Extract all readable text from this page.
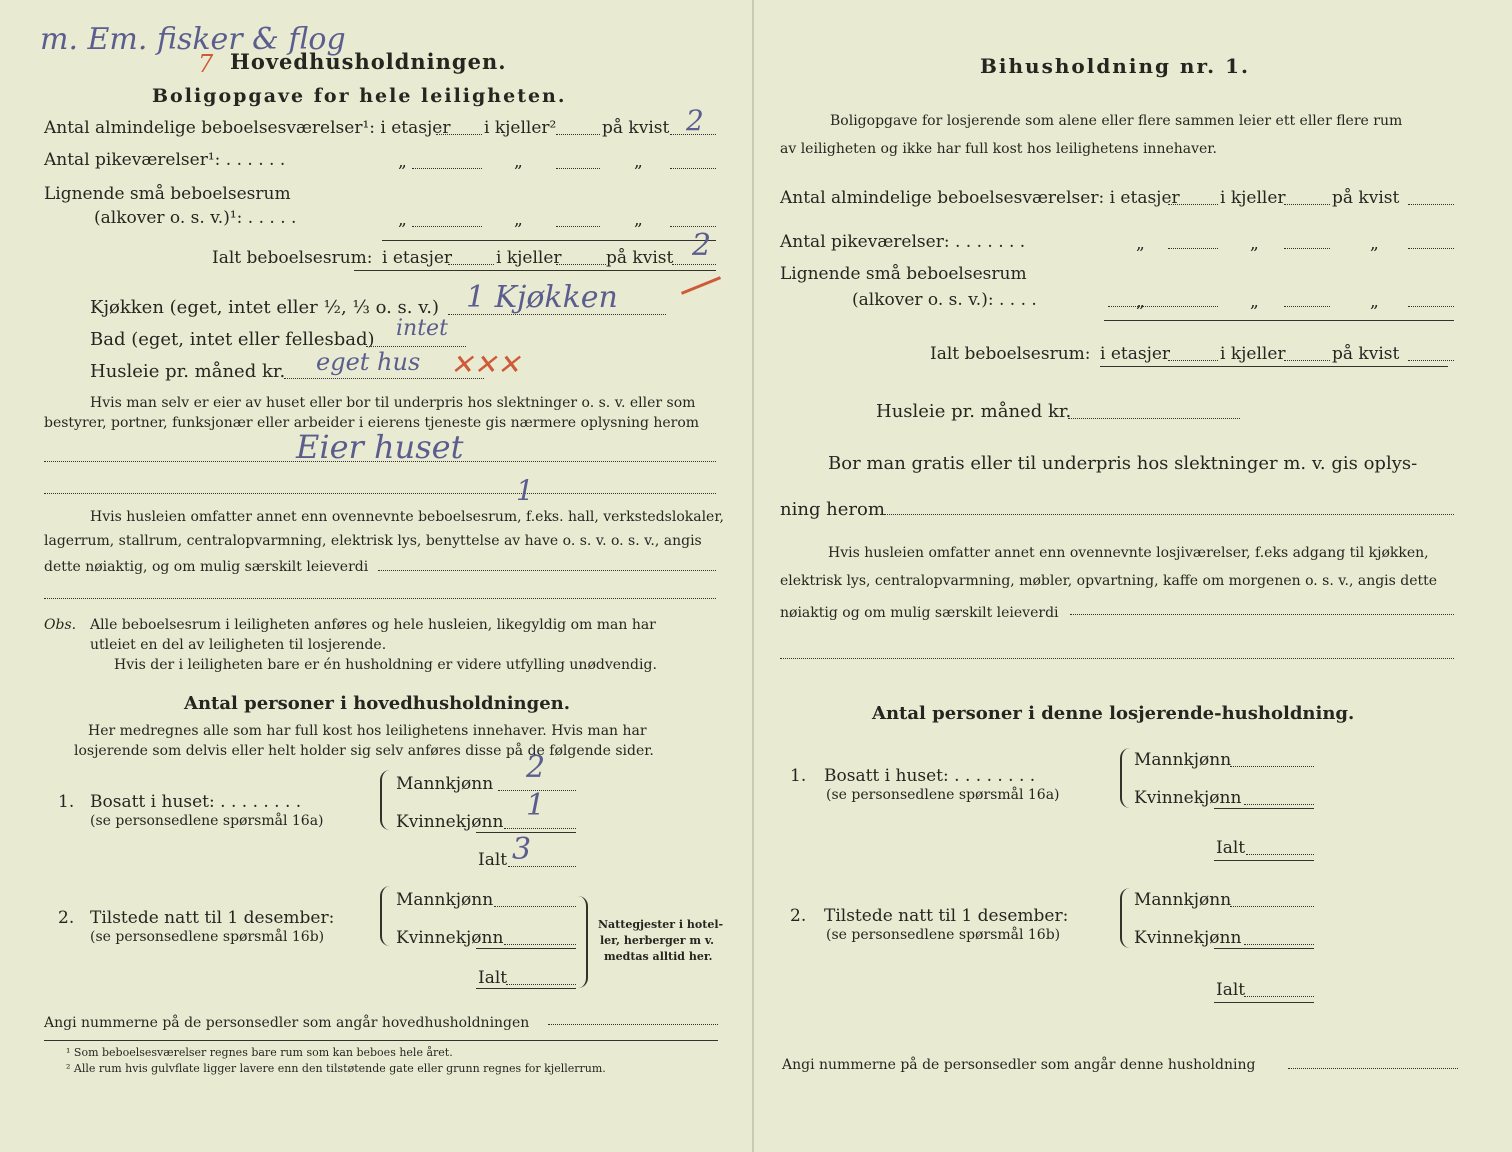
m. Em. fisker & flog
7 Hovedhusholdningen.
Boligopgave for hele leiligheten.
Antal almindelige beboelsesværelser¹: i etasjer i kjeller²	på kvist 2
Antal pikeværelser¹: . . . . . .	„	„	„
Lignende små beboelsesrum
(alkover o. s. v.)¹: . . . . .	„	„	„
Ialt beboelsesrum: i etasjer	i kjeller	på kvist 2
Kjøkken (eget, intet eller ½, ⅓ o. s. v.) 1 Kjøkken
Bad (eget, intet eller fellesbad) intet
Husleie pr. måned kr. eget hus ✕✕✕
Hvis man selv er eier av huset eller bor til underpris hos slektninger o. s. v. eller som
bestyrer, portner, funksjonær eller arbeider i eierens tjeneste gis nærmere oplysning herom
Eier huset
1
Hvis husleien omfatter annet enn ovennevnte beboelsesrum, f.eks. hall, verkstedslokaler,
lagerrum, stallrum, centralopvarmning, elektrisk lys, benyttelse av have o. s. v. o. s. v., angis
dette nøiaktig, og om mulig særskilt leieverdi
Obs. Alle beboelsesrum i leiligheten anføres og hele husleien, likegyldig om man har
utleiet en del av leiligheten til losjerende.
Hvis der i leiligheten bare er én husholdning er videre utfylling unødvendig.
Antal personer i hovedhusholdningen.
Her medregnes alle som har full kost hos leilighetens innehaver. Hvis man har
losjerende som delvis eller helt holder sig selv anføres disse på de følgende sider.
1. Bosatt i huset: . . . . . . . .
(se personsedlene spørsmål 16a)
Mannkjønn 2
Kvinnekjønn 1
Ialt 3
2. Tilstede natt til 1 desember:
(se personsedlene spørsmål 16b)
Mannkjønn
Kvinnekjønn
Ialt
Nattegjester i hotel-
ler, herberger m v.
medtas alltid her.
Angi nummerne på de personsedler som angår hovedhusholdningen
¹ Som beboelsesværelser regnes bare rum som kan beboes hele året.
² Alle rum hvis gulvflate ligger lavere enn den tilstøtende gate eller grunn regnes for kjellerrum.
Bihusholdning nr. 1.
Boligopgave for losjerende som alene eller flere sammen leier ett eller flere rum
av leiligheten og ikke har full kost hos leilighetens innehaver.
Antal almindelige beboelsesværelser: i etasjer i kjeller	på kvist
Antal pikeværelser: . . . . . . .	„	„	„
Lignende små beboelsesrum
(alkover o. s. v.): . . . .	„	„	„
Ialt beboelsesrum: i etasjer	i kjeller	på kvist
Husleie pr. måned kr.
Bor man gratis eller til underpris hos slektninger m. v. gis oplys-
ning herom
Hvis husleien omfatter annet enn ovennevnte losjiværelser, f.eks adgang til kjøkken,
elektrisk lys, centralopvarmning, møbler, opvartning, kaffe om morgenen o. s. v., angis dette
nøiaktig og om mulig særskilt leieverdi
Antal personer i denne losjerende-husholdning.
1. Bosatt i huset: . . . . . . . .
(se personsedlene spørsmål 16a)
Mannkjønn
Kvinnekjønn
Ialt
2. Tilstede natt til 1 desember:
(se personsedlene spørsmål 16b)
Mannkjønn
Kvinnekjønn
Ialt
Angi nummerne på de personsedler som angår denne husholdning
